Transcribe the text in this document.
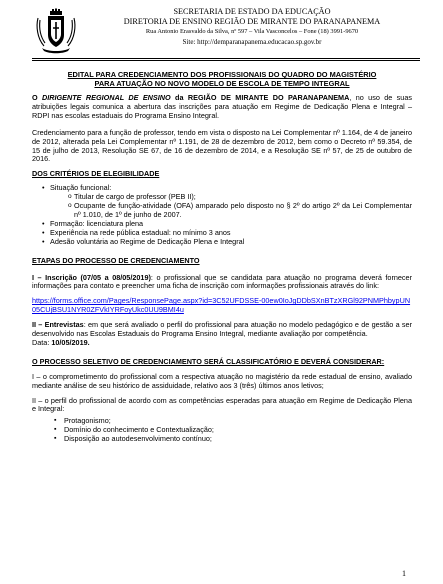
SECRETARIA DE ESTADO DA EDUCAÇÃO
DIRETORIA DE ENSINO REGIÃO DE MIRANTE DO PARANAPANEMA
Rua Antonio Erasvaldo da Silva, nº 597 – Vila Vasconcelos – Fone (18) 3991-9670
Site: http://demparanapanema.educacao.sp.gov.br
EDITAL PARA CREDENCIAMENTO DOS PROFISSIONAIS DO QUADRO DO MAGISTÉRIO
PARA ATUAÇÃO NO NOVO MODELO DE ESCOLA DE TEMPO INTEGRAL

O DIRIGENTE REGIONAL DE ENSINO da REGIÃO DE MIRANTE DO PARANAPANEMA, no uso de suas atribuições legais comunica a abertura das inscrições para atuação em Regime de Dedicação Plena e Integral – RDPI nas escolas estaduais do Programa Ensino Integral.

Credenciamento para a função de professor, tendo em vista o disposto na Lei Complementar nº 1.164, de 4 de janeiro de 2012, alterada pela Lei Complementar nº 1.191, de 28 de dezembro de 2012, bem como o Decreto nº 59.354, de 15 de julho de 2013, Resolução SE 67, de 16 de dezembro de 2014, e a Resolução SE nº 57, de 25 de outubro de 2016.

DOS CRITÉRIOS DE ELEGIBILIDADE

• Situação funcional:
o Titular de cargo de professor (PEB II);
o Ocupante de função-atividade (OFA) amparado pelo disposto no § 2º do artigo 2º da Lei Complementar nº 1.010, de 1º de junho de 2007.
• Formação: licenciatura plena
• Experiência na rede pública estadual: no mínimo 3 anos
• Adesão voluntária ao Regime de Dedicação Plena e Integral

ETAPAS DO PROCESSO DE CREDENCIAMENTO

I – Inscrição (07/05 a 08/05/2019): o profissional que se candidata para atuação no programa deverá fornecer informações para contato e preencher uma ficha de inscrição com informações profissionais através do link:

https://forms.office.com/Pages/ResponsePage.aspx?id=3C52UFDSSE-00ew0IoJgDDbSXnBTzXRGl92PNMPhbypUN05CUjBSU1NYR0ZFVkIYRFoyUkc0UU9BMI4u

II – Entrevistas: em que será avaliado o perfil do profissional para atuação no modelo pedagógico e de gestão a ser desenvolvido nas Escolas Estaduais do Programa Ensino Integral, mediante avaliação por competência.

Data: 10/05/2019.

O PROCESSO SELETIVO DE CREDENCIAMENTO SERÁ CLASSIFICATÓRIO E DEVERÁ CONSIDERAR:

I – o comprometimento do profissional com a respectiva atuação no magistério da rede estadual de ensino, avaliado mediante análise de seu histórico de assiduidade, relativo aos 3 (três) últimos anos letivos;

II – o perfil do profissional de acordo com as competências esperadas para atuação em Regime de Dedicação Plena e Integral:

▪ Protagonismo;
▪ Domínio do conhecimento e Contextualização;
▪ Disposição ao autodesenvolvimento contínuo;
1
